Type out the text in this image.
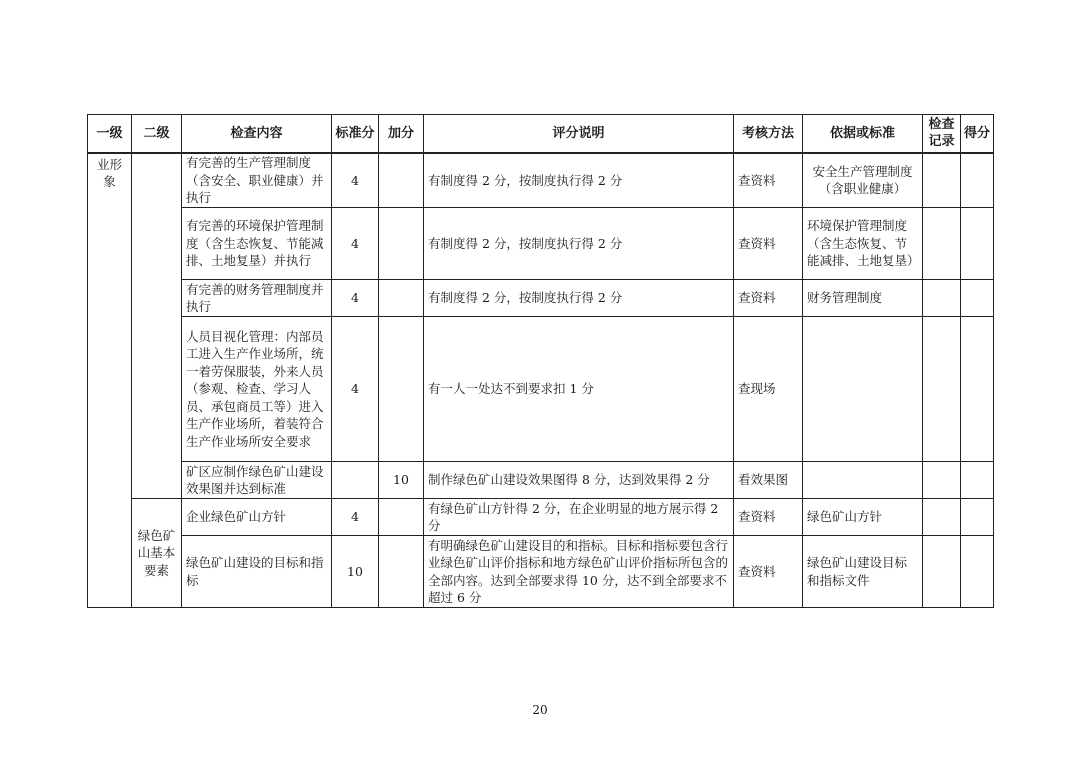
一级	二级	检查内容	标准分	加分	评分说明	考核方法	依据或标准	检查记录	得分
业形象		有完善的生产管理制度（含安全、职业健康）并执行	4		有制度得 2 分，按制度执行得 2 分	查资料	安全生产管理制度（含职业健康）		
		有完善的环境保护管理制度（含生态恢复、节能减排、土地复垦）并执行	4		有制度得 2 分，按制度执行得 2 分	查资料	环境保护管理制度（含生态恢复、节能减排、土地复垦）		
		有完善的财务管理制度并执行	4		有制度得 2 分，按制度执行得 2 分	查资料	财务管理制度		
		人员目视化管理：内部员工进入生产作业场所，统一着劳保服装，外来人员（参观、检查、学习人员、承包商员工等）进入生产作业场所，着装符合生产作业场所安全要求	4		有一人一处达不到要求扣 1 分	查现场			
		矿区应制作绿色矿山建设效果图并达到标准		10	制作绿色矿山建设效果图得 8 分，达到效果得 2 分	看效果图			
	绿色矿山基本要素	企业绿色矿山方针	4		有绿色矿山方针得 2 分，在企业明显的地方展示得 2 分	查资料	绿色矿山方针		
		绿色矿山建设的目标和指标	10		有明确绿色矿山建设目的和指标。目标和指标要包含行业绿色矿山评价指标和地方绿色矿山评价指标所包含的全部内容。达到全部要求得 10 分，达不到全部要求不超过 6 分	查资料	绿色矿山建设目标和指标文件		
20
